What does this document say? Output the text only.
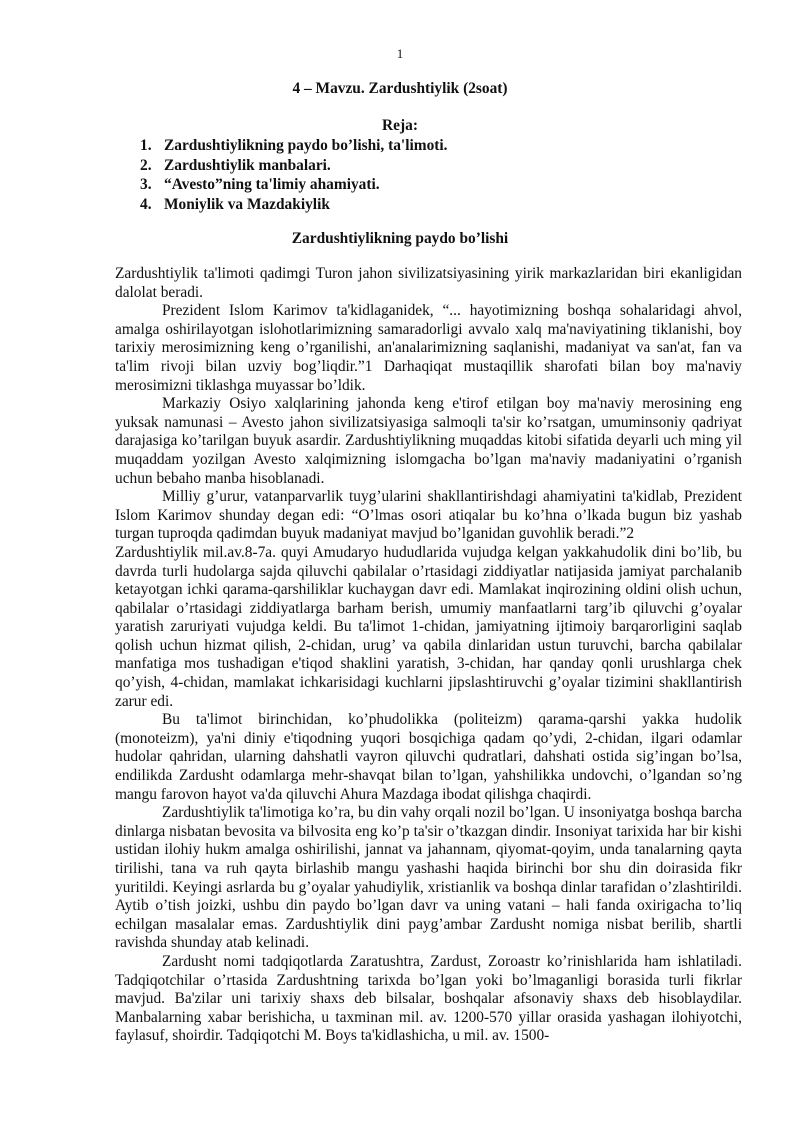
1
4 – Mavzu. Zardushtiylik (2soat)
Reja:
1. Zardushtiylikning paydo bo’lishi, ta'limoti.
2. Zardushtiylik manbalari.
3. “Avesto”ning ta'limiy ahamiyati.
4. Moniylik va Mazdakiylik
Zardushtiylikning paydo bo’lishi

Zardushtiylik ta'limoti qadimgi Turon jahon sivilizatsiyasining yirik markazlaridan biri ekanligidan dalolat beradi.

Prezident Islom Karimov ta'kidlaganidek, “... hayotimizning boshqa sohalaridagi ahvol, amalga oshirilayotgan islohotlarimizning samaradorligi avvalo xalq ma'naviyatining tiklanishi, boy tarixiy merosimizning keng o’rganilishi, an'analarimizning saqlanishi, madaniyat va san'at, fan va ta'lim rivoji bilan uzviy bog’liqdir.”1 Darhaqiqat mustaqillik sharofati bilan boy ma'naviy merosimizni tiklashga muyassar bo’ldik.

Markaziy Osiyo xalqlarining jahonda keng e'tirof etilgan boy ma'naviy merosining eng yuksak namunasi – Avesto jahon sivilizatsiyasiga salmoqli ta'sir ko’rsatgan, umuminsoniy qadriyat darajasiga ko’tarilgan buyuk asardir. Zardushtiylikning muqaddas kitobi sifatida deyarli uch ming yil muqaddam yozilgan Avesto xalqimizning islomgacha bo’lgan ma'naviy madaniyatini o’rganish uchun bebaho manba hisoblanadi.

Milliy g’urur, vatanparvarlik tuyg’ularini shakllantirishdagi ahamiyatini ta'kidlab, Prezident Islom Karimov shunday degan edi: “O’lmas osori atiqalar bu ko’hna o’lkada bugun biz yashab turgan tuproqda qadimdan buyuk madaniyat mavjud bo’lganidan guvohlik beradi.”2

Zardushtiylik mil.av.8-7a. quyi Amudaryo hududlarida vujudga kelgan yakkahudolik dini bo’lib, bu davrda turli hudolarga sajda qiluvchi qabilalar o’rtasidagi ziddiyatlar natijasida jamiyat parchalanib ketayotgan ichki qarama-qarshiliklar kuchaygan davr edi. Mamlakat inqirozining oldini olish uchun, qabilalar o’rtasidagi ziddiyatlarga barham berish, umumiy manfaatlarni targ’ib qiluvchi g’oyalar yaratish zaruriyati vujudga keldi. Bu ta'limot 1-chidan, jamiyatning ijtimoiy barqarorligini saqlab qolish uchun hizmat qilish, 2-chidan, urug’ va qabila dinlaridan ustun turuvchi, barcha qabilalar manfatiga mos tushadigan e'tiqod shaklini yaratish, 3-chidan, har qanday qonli urushlarga chek qo’yish, 4-chidan, mamlakat ichkarisidagi kuchlarni jipslashtiruvchi g’oyalar tizimini shakllantirish zarur edi.

Bu ta'limot birinchidan, ko’phudolikka (politeizm) qarama-qarshi yakka hudolik (monoteizm), ya'ni diniy e'tiqodning yuqori bosqichiga qadam qo’ydi, 2-chidan, ilgari odamlar hudolar qahridan, ularning dahshatli vayron qiluvchi qudratlari, dahshati ostida sig’ingan bo’lsa, endilikda Zardusht odamlarga mehr-shavqat bilan to’lgan, yahshilikka undovchi, o’lgandan so’ng mangu farovon hayot va'da qiluvchi Ahura Mazdaga ibodat qilishga chaqirdi.

Zardushtiylik ta'limotiga ko’ra, bu din vahy orqali nozil bo’lgan. U insoniyatga boshqa barcha dinlarga nisbatan bevosita va bilvosita eng ko’p ta'sir o’tkazgan dindir. Insoniyat tarixida har bir kishi ustidan ilohiy hukm amalga oshirilishi, jannat va jahannam, qiyomat-qoyim, unda tanalarning qayta tirilishi, tana va ruh qayta birlashib mangu yashashi haqida birinchi bor shu din doirasida fikr yuritildi. Keyingi asrlarda bu g’oyalar yahudiylik, xristianlik va boshqa dinlar tarafidan o’zlashtirildi. Aytib o’tish joizki, ushbu din paydo bo’lgan davr va uning vatani – hali fanda oxirigacha to’liq echilgan masalalar emas. Zardushtiylik dini payg’ambar Zardusht nomiga nisbat berilib, shartli ravishda shunday atab kelinadi.

Zardusht nomi tadqiqotlarda Zaratushtra, Zardust, Zoroastr ko’rinishlarida ham ishlatiladi. Tadqiqotchilar o’rtasida Zardushtning tarixda bo’lgan yoki bo’lmaganligi borasida turli fikrlar mavjud. Ba'zilar uni tarixiy shaxs deb bilsalar, boshqalar afsonaviy shaxs deb hisoblaydilar. Manbalarning xabar berishicha, u taxminan mil. av. 1200-570 yillar orasida yashagan ilohiyotchi, faylasuf, shoirdir. Tadqiqotchi M. Boys ta'kidlashicha, u mil. av. 1500-
